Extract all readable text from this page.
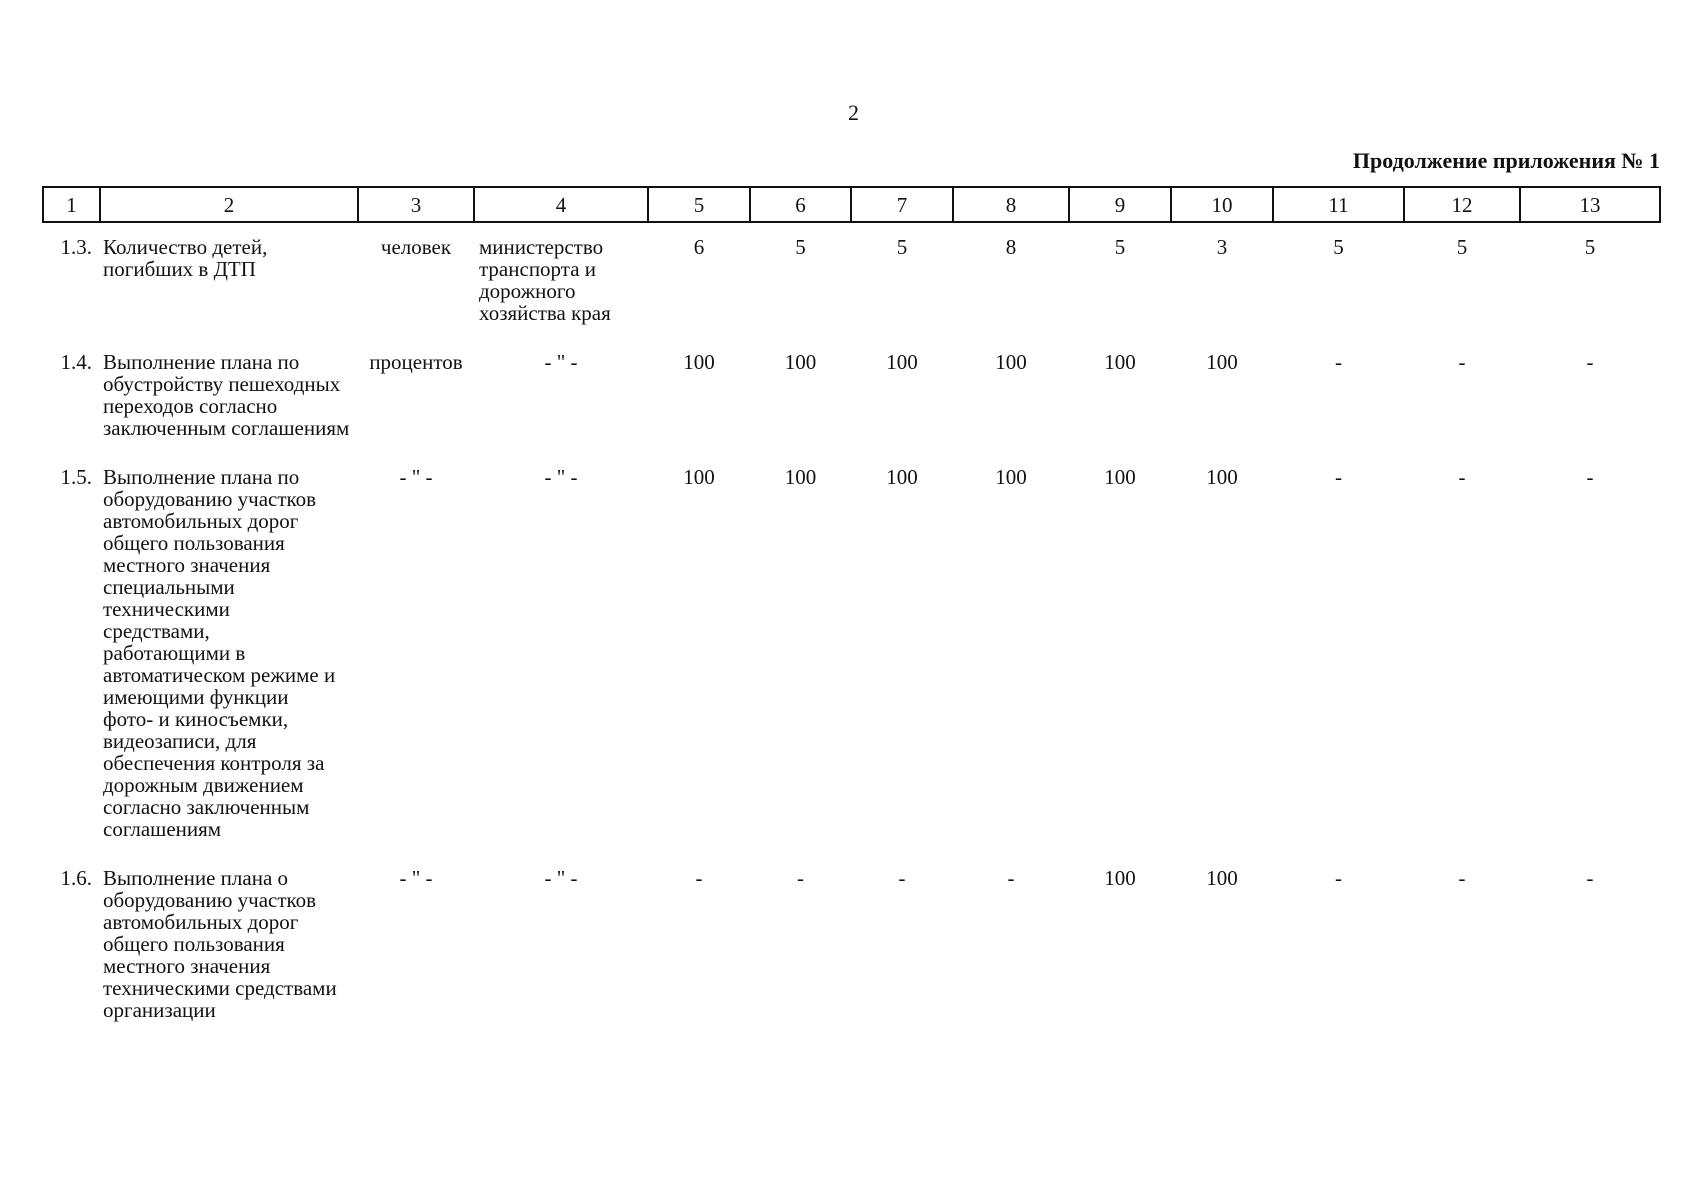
2
Продолжение приложения № 1
1	2	3	4	5	6	7	8	9	10	11	12	13
1.3.	Количество детей, погибших в ДТП	человек	министерство транспорта и дорожного хозяйства края	6	5	5	8	5	3	5	5	5
1.4.	Выполнение плана по обустройству пешеходных переходов согласно заключенным соглашениям	процентов	- " -	100	100	100	100	100	100	-	-	-
1.5.	Выполнение плана по оборудованию участков автомобильных дорог общего пользования местного значения специальными техническими средствами, работающими в автоматическом режиме и имеющими функции фото- и киносъемки, видеозаписи, для обеспечения контроля за дорожным движением согласно заключенным соглашениям	- " -	- " -	100	100	100	100	100	100	-	-	-
1.6.	Выполнение плана о оборудованию участков автомобильных дорог общего пользования местного значения техническими средствами организации	- " -	- " -	-	-	-	-	100	100	-	-	-
